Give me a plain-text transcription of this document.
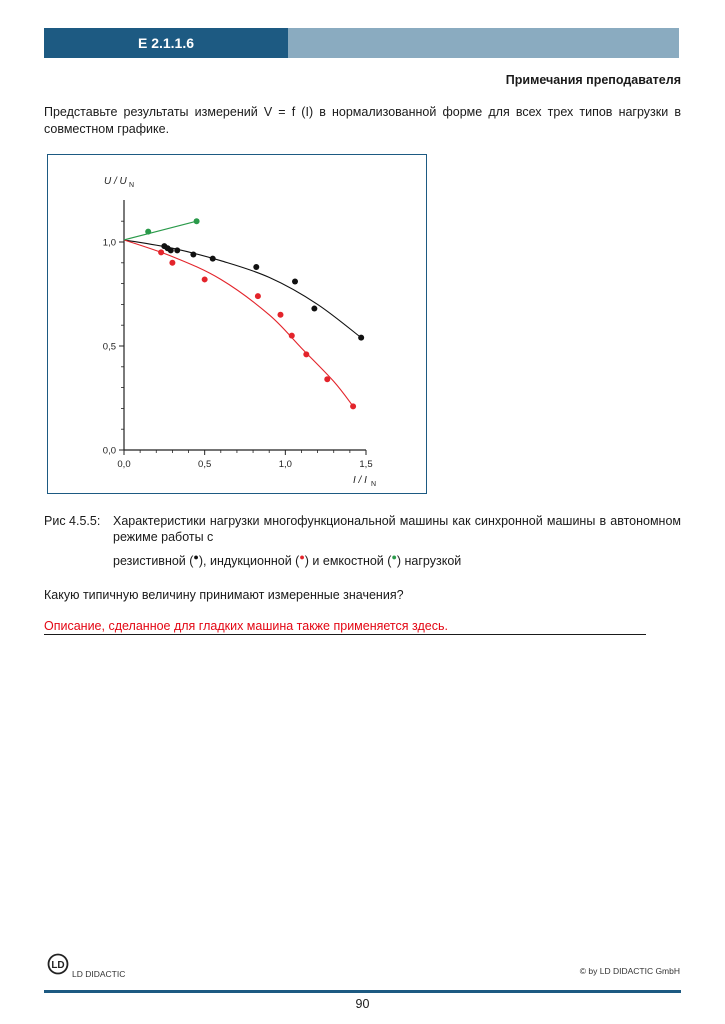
E 2.1.1.6
Примечания преподавателя
Представьте результаты измерений V = f (I) в нормализованной форме для всех трех типов нагрузки в совместном графике.
0,0	0,5	1,0	1,5
0,0
0,5
1,0
U / U N
I / I N
Рис 4.5.5: Характеристики нагрузки многофункциональной машины как синхронной машины в автономном режиме работы с
резистивной (●), индукционной (●) и емкостной (●) нагрузкой
Какую типичную величину принимают измеренные значения?
Описание, сделанное для гладких машина также применяется здесь.
LD
LD DIDACTIC	© by LD DIDACTIC GmbH
90
